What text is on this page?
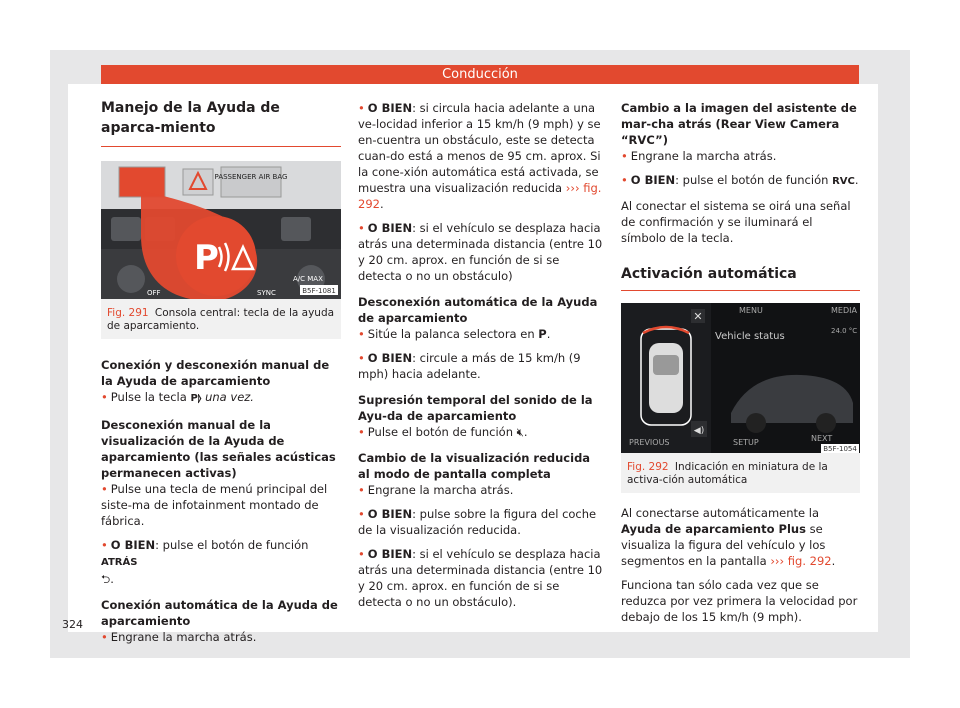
Conducción
Manejo de la Ayuda de aparca-miento
PASSENGER AIR BAG
OFF	SYNC
A/C MAX
P
B5F-1081
Fig. 291 Consola central: tecla de la ayuda de aparcamiento.
Conexión y desconexión manual de la Ayuda de aparcamiento

• Pulse la tecla P⦊ una vez.

Desconexión manual de la visualización de la Ayuda de aparcamiento (las señales acústicas permanecen activas)

• Pulse una tecla de menú principal del siste-ma de infotainment montado de fábrica.

• O BIEN: pulse el botón de función ATRÁS
⮌.

Conexión automática de la Ayuda de aparcamiento

• Engrane la marcha atrás.

• O BIEN: si circula hacia adelante a una ve-locidad inferior a 15 km/h (9 mph) y se en-cuentra un obstáculo, este se detecta cuan-do está a menos de 95 cm. aprox. Si la cone-xión automática está activada, se muestra una visualización reducida ››› fig. 292.

• O BIEN: si el vehículo se desplaza hacia atrás una determinada distancia (entre 10 y 20 cm. aprox. en función de si se detecta o no un obstáculo)

Desconexión automática de la Ayuda de aparcamiento

• Sitúe la palanca selectora en P.

• O BIEN: circule a más de 15 km/h (9 mph) hacia adelante.

Supresión temporal del sonido de la Ayu-da de aparcamiento

• Pulse el botón de función 🔇︎.

Cambio de la visualización reducida al modo de pantalla completa

• Engrane la marcha atrás.

• O BIEN: pulse sobre la figura del coche de la visualización reducida.

• O BIEN: si el vehículo se desplaza hacia atrás una determinada distancia (entre 10 y 20 cm. aprox. en función de si se detecta o no un obstáculo).

Cambio a la imagen del asistente de mar-cha atrás (Rear View Camera “RVC”)

• Engrane la marcha atrás.

• O BIEN: pulse el botón de función RVC.

Al conectar el sistema se oirá una señal de confirmación y se iluminará el símbolo de la tecla.

Activación automática
✕
◀)
MENU	MEDIA
Vehicle status	24.0 °C
PREVIOUS	SETUP	NEXT
B5F-1054
Fig. 292 Indicación en miniatura de la activa-ción automática

Al conectarse automáticamente la Ayuda de aparcamiento Plus se visualiza la figura del vehículo y los segmentos en la pantalla ››› fig. 292.

Funciona tan sólo cada vez que se reduzca por vez primera la velocidad por debajo de los 15 km/h (9 mph).

324
